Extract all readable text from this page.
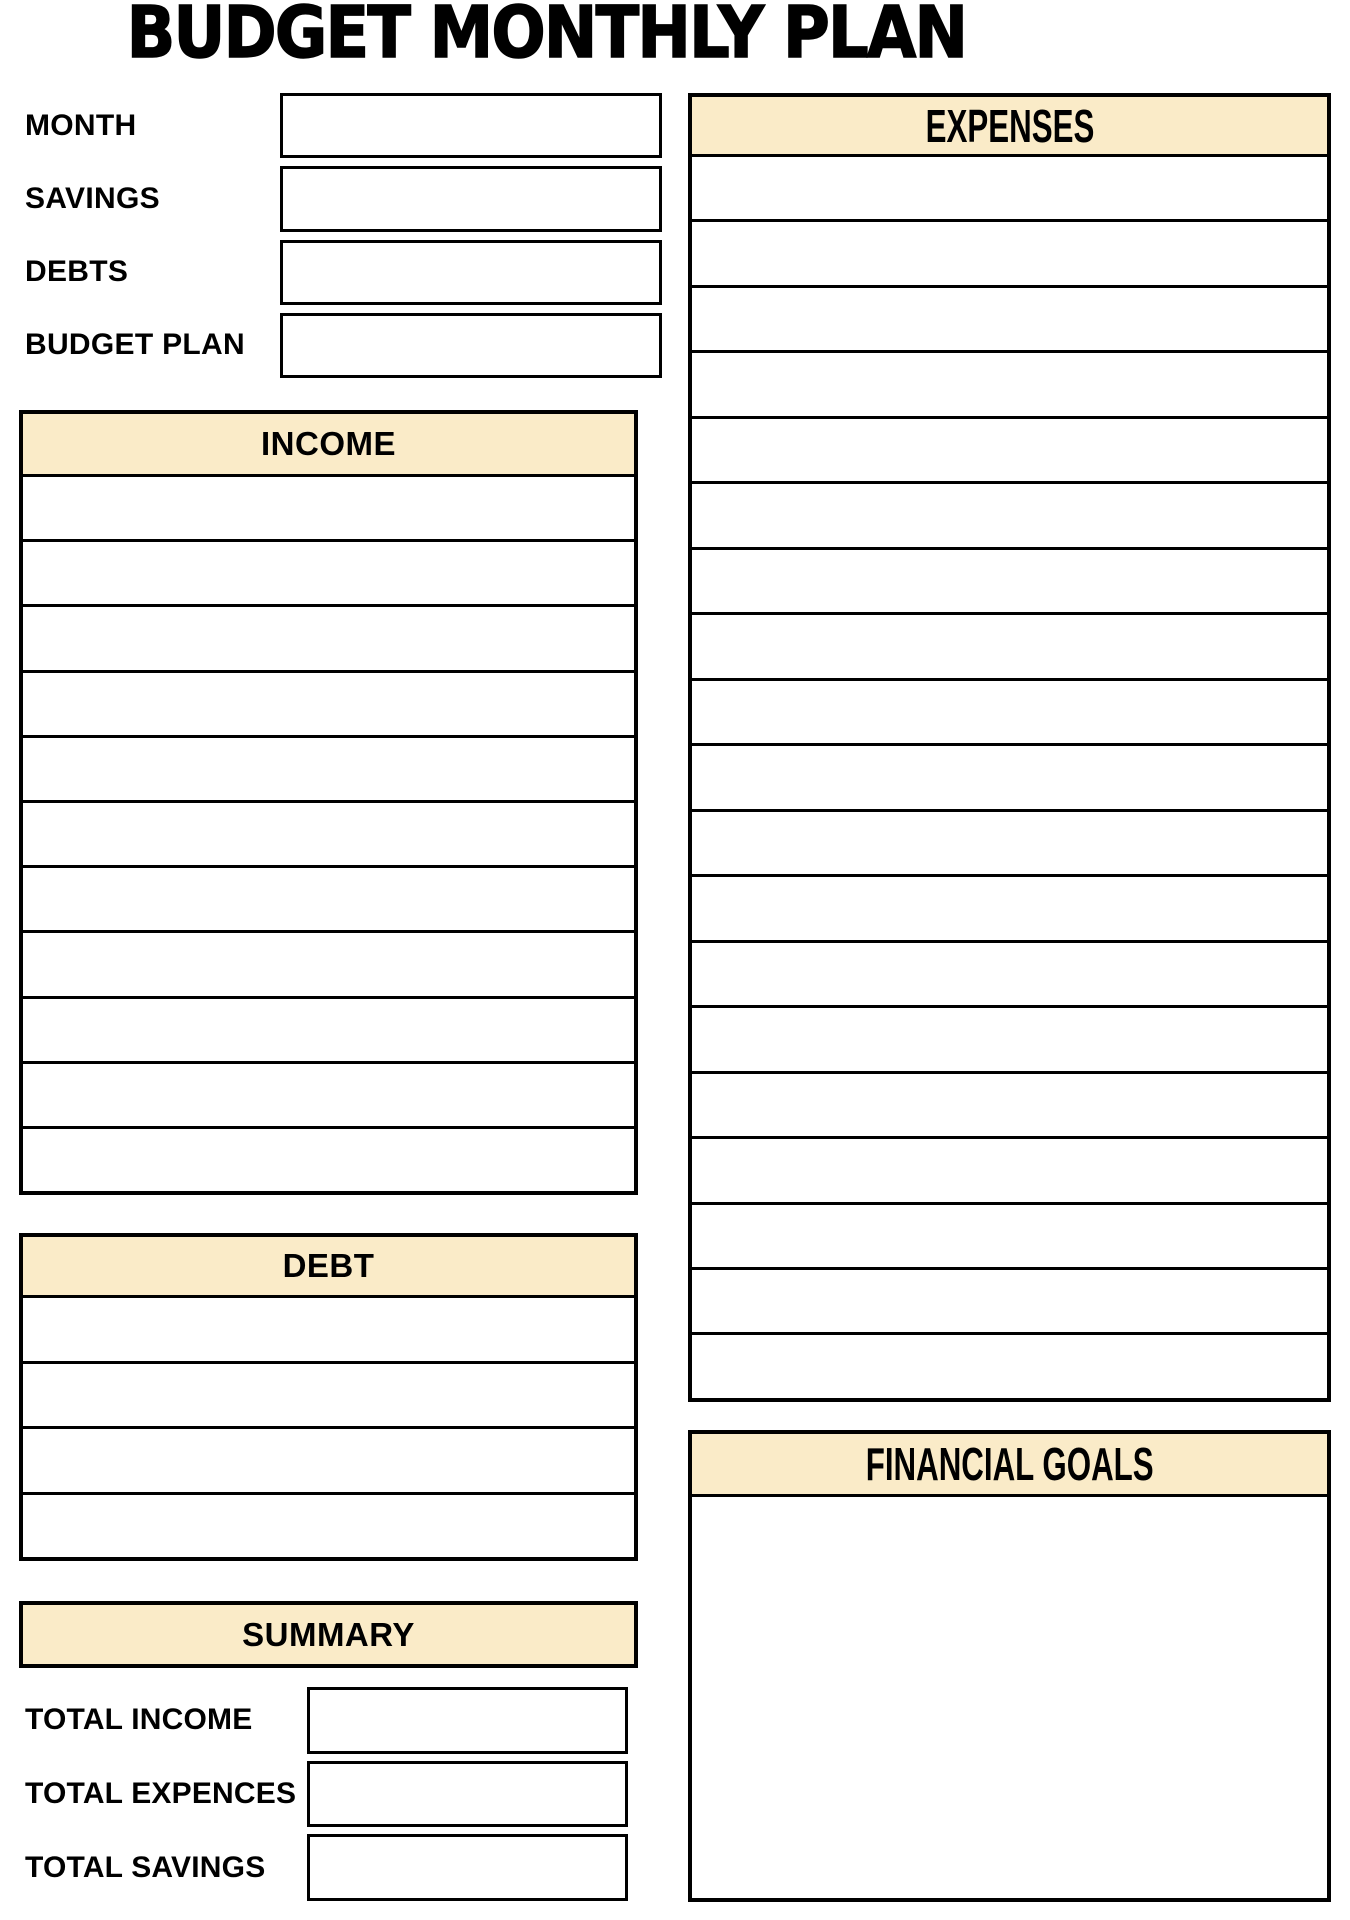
BUDGET MONTHLY PLAN
MONTH
SAVINGS
DEBTS
BUDGET PLAN
INCOME
DEBT
SUMMARY
TOTAL INCOME
TOTAL EXPENCES
TOTAL SAVINGS
EXPENSES
FINANCIAL GOALS
